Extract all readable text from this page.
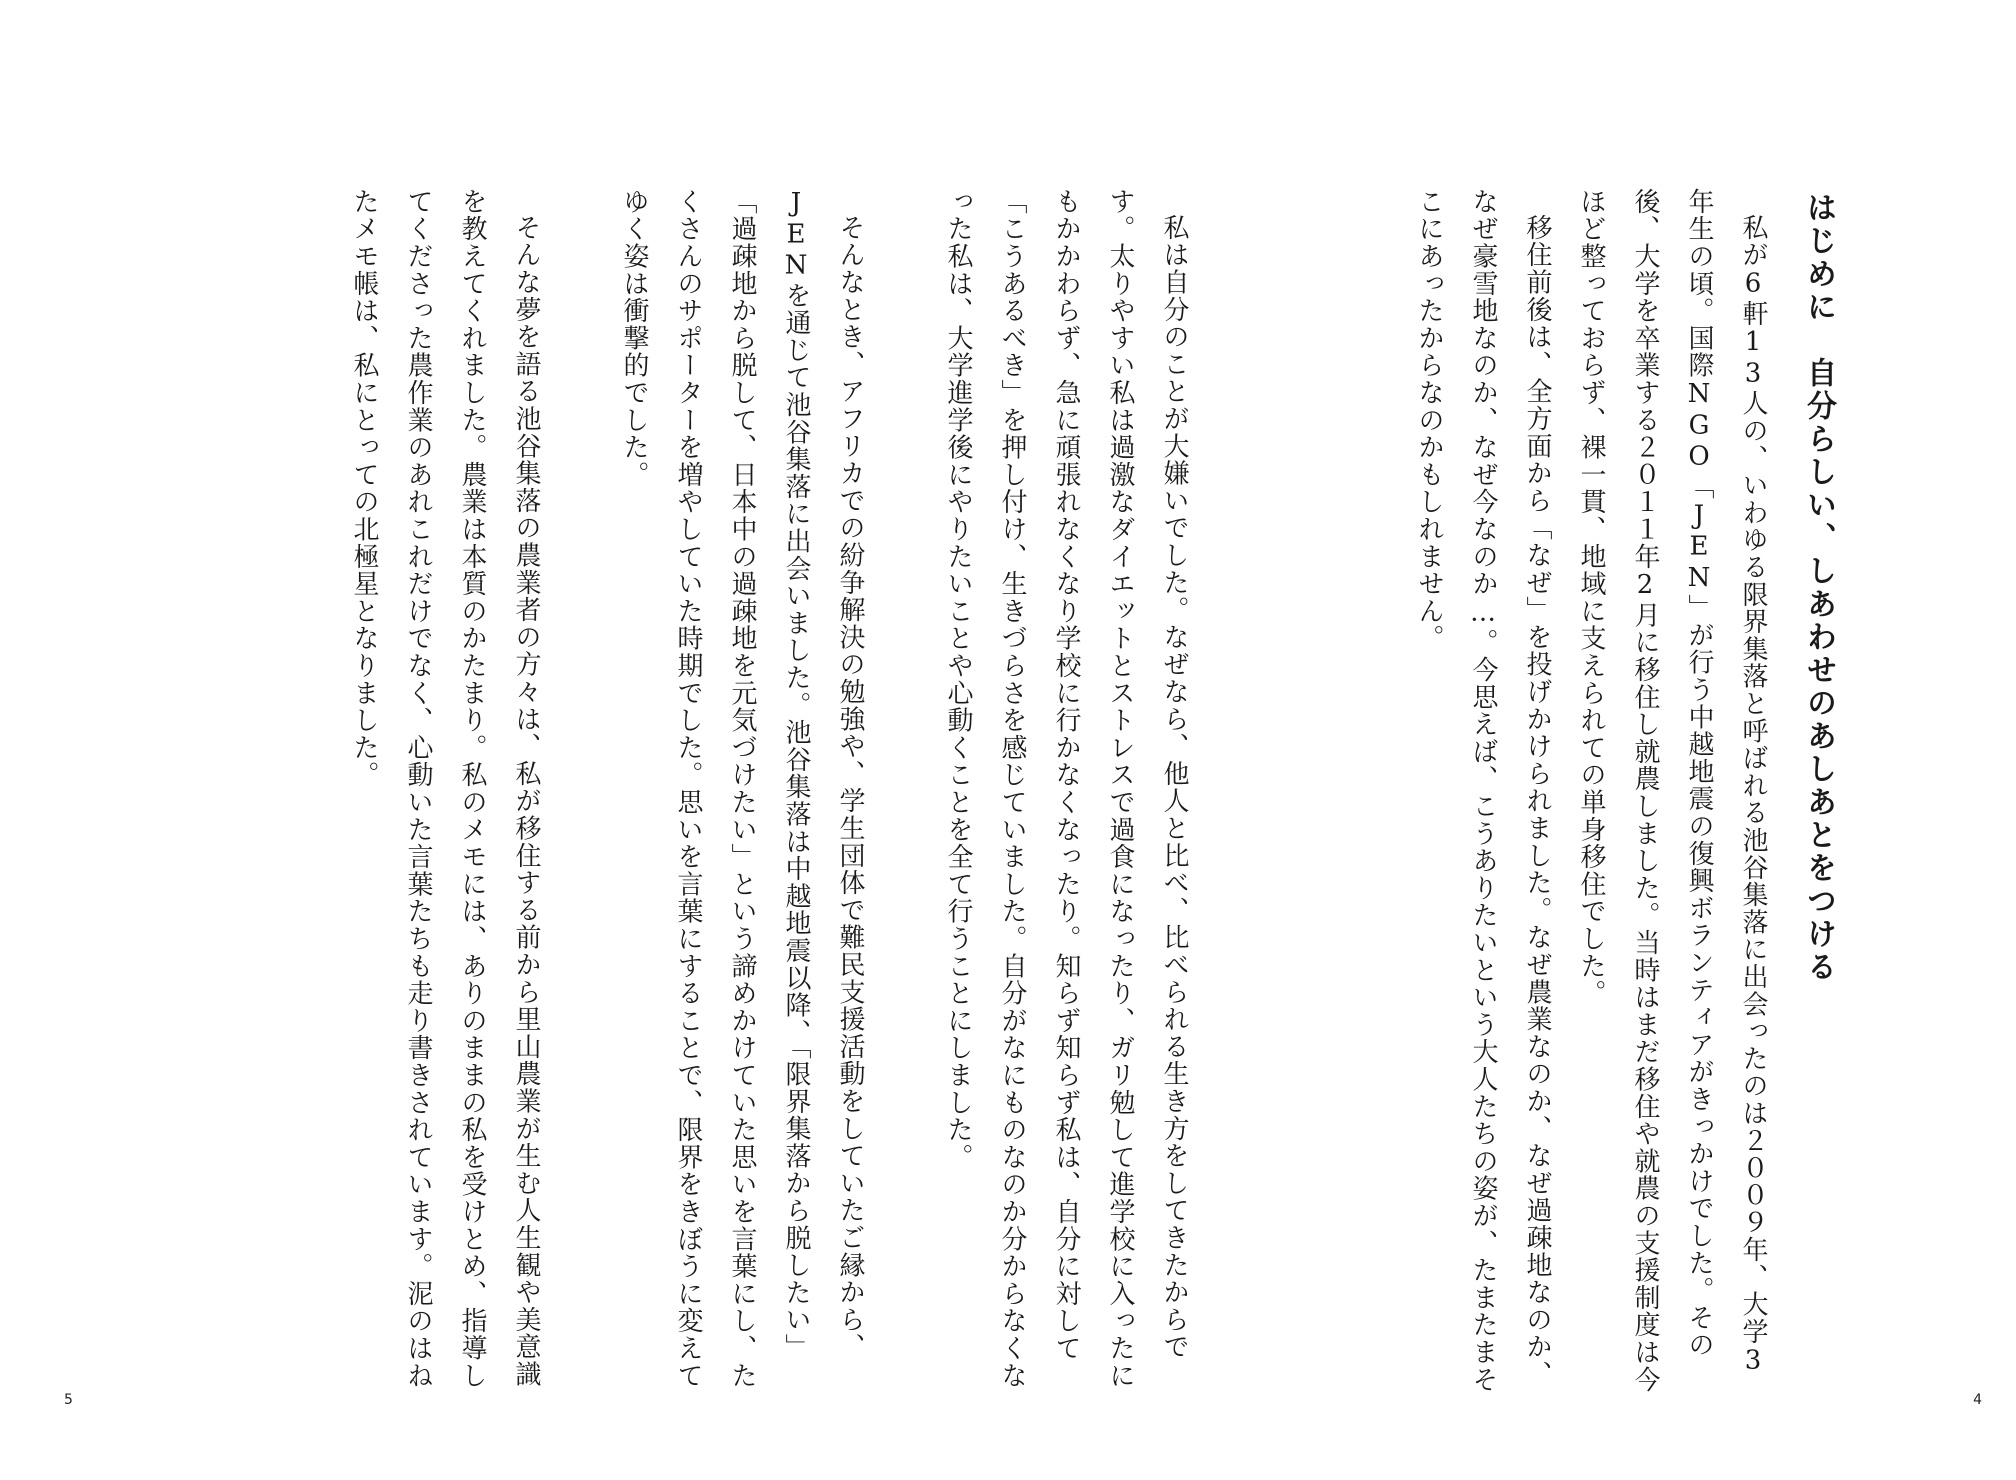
はじめに　自分らしい、しあわせのあしあとをつける

私が6軒13人の、いわゆる限界集落と呼ばれる池谷集落に出会ったのは２００９年、大学3年生の頃。国際NGO「JEN」が行う中越地震の復興ボランティアがきっかけでした。その後、大学を卒業する２０１１年2月に移住し就農しました。当時はまだ移住や就農の支援制度は今ほど整っておらず、裸一貫、地域に支えられての単身移住でした。

移住前後は、全方面から「なぜ」を投げかけられました。なぜ農業なのか、なぜ過疎地なのか、なぜ豪雪地なのか、なぜ今なのか…。今思えば、こうありたいという大人たちの姿が、たまたまそこにあったからなのかもしれません。

私は自分のことが大嫌いでした。なぜなら、他人と比べ、比べられる生き方をしてきたからです。太りやすい私は過激なダイエットとストレスで過食になったり、ガリ勉して進学校に入ったにもかかわらず、急に頑張れなくなり学校に行かなくなったり。知らず知らず私は、自分に対して「こうあるべき」を押し付け、生きづらさを感じていました。自分がなにものなのか分からなくなった私は、大学進学後にやりたいことや心動くことを全て行うことにしました。

そんなとき、アフリカでの紛争解決の勉強や、学生団体で難民支援活動をしていたご縁から、JENを通じて池谷集落に出会いました。池谷集落は中越地震以降、「限界集落から脱したい」「過疎地から脱して、日本中の過疎地を元気づけたい」という諦めかけていた思いを言葉にし、たくさんのサポーターを増やしていた時期でした。思いを言葉にすることで、限界をきぼうに変えてゆく姿は衝撃的でした。

そんな夢を語る池谷集落の農業者の方々は、私が移住する前から里山農業が生む人生観や美意識を教えてくれました。農業は本質のかたまり。私のメモには、ありのままの私を受けとめ、指導してくださった農作業のあれこれだけでなく、心動いた言葉たちも走り書きされています。泥のはねたメモ帳は、私にとっての北極星となりました。

4
5
